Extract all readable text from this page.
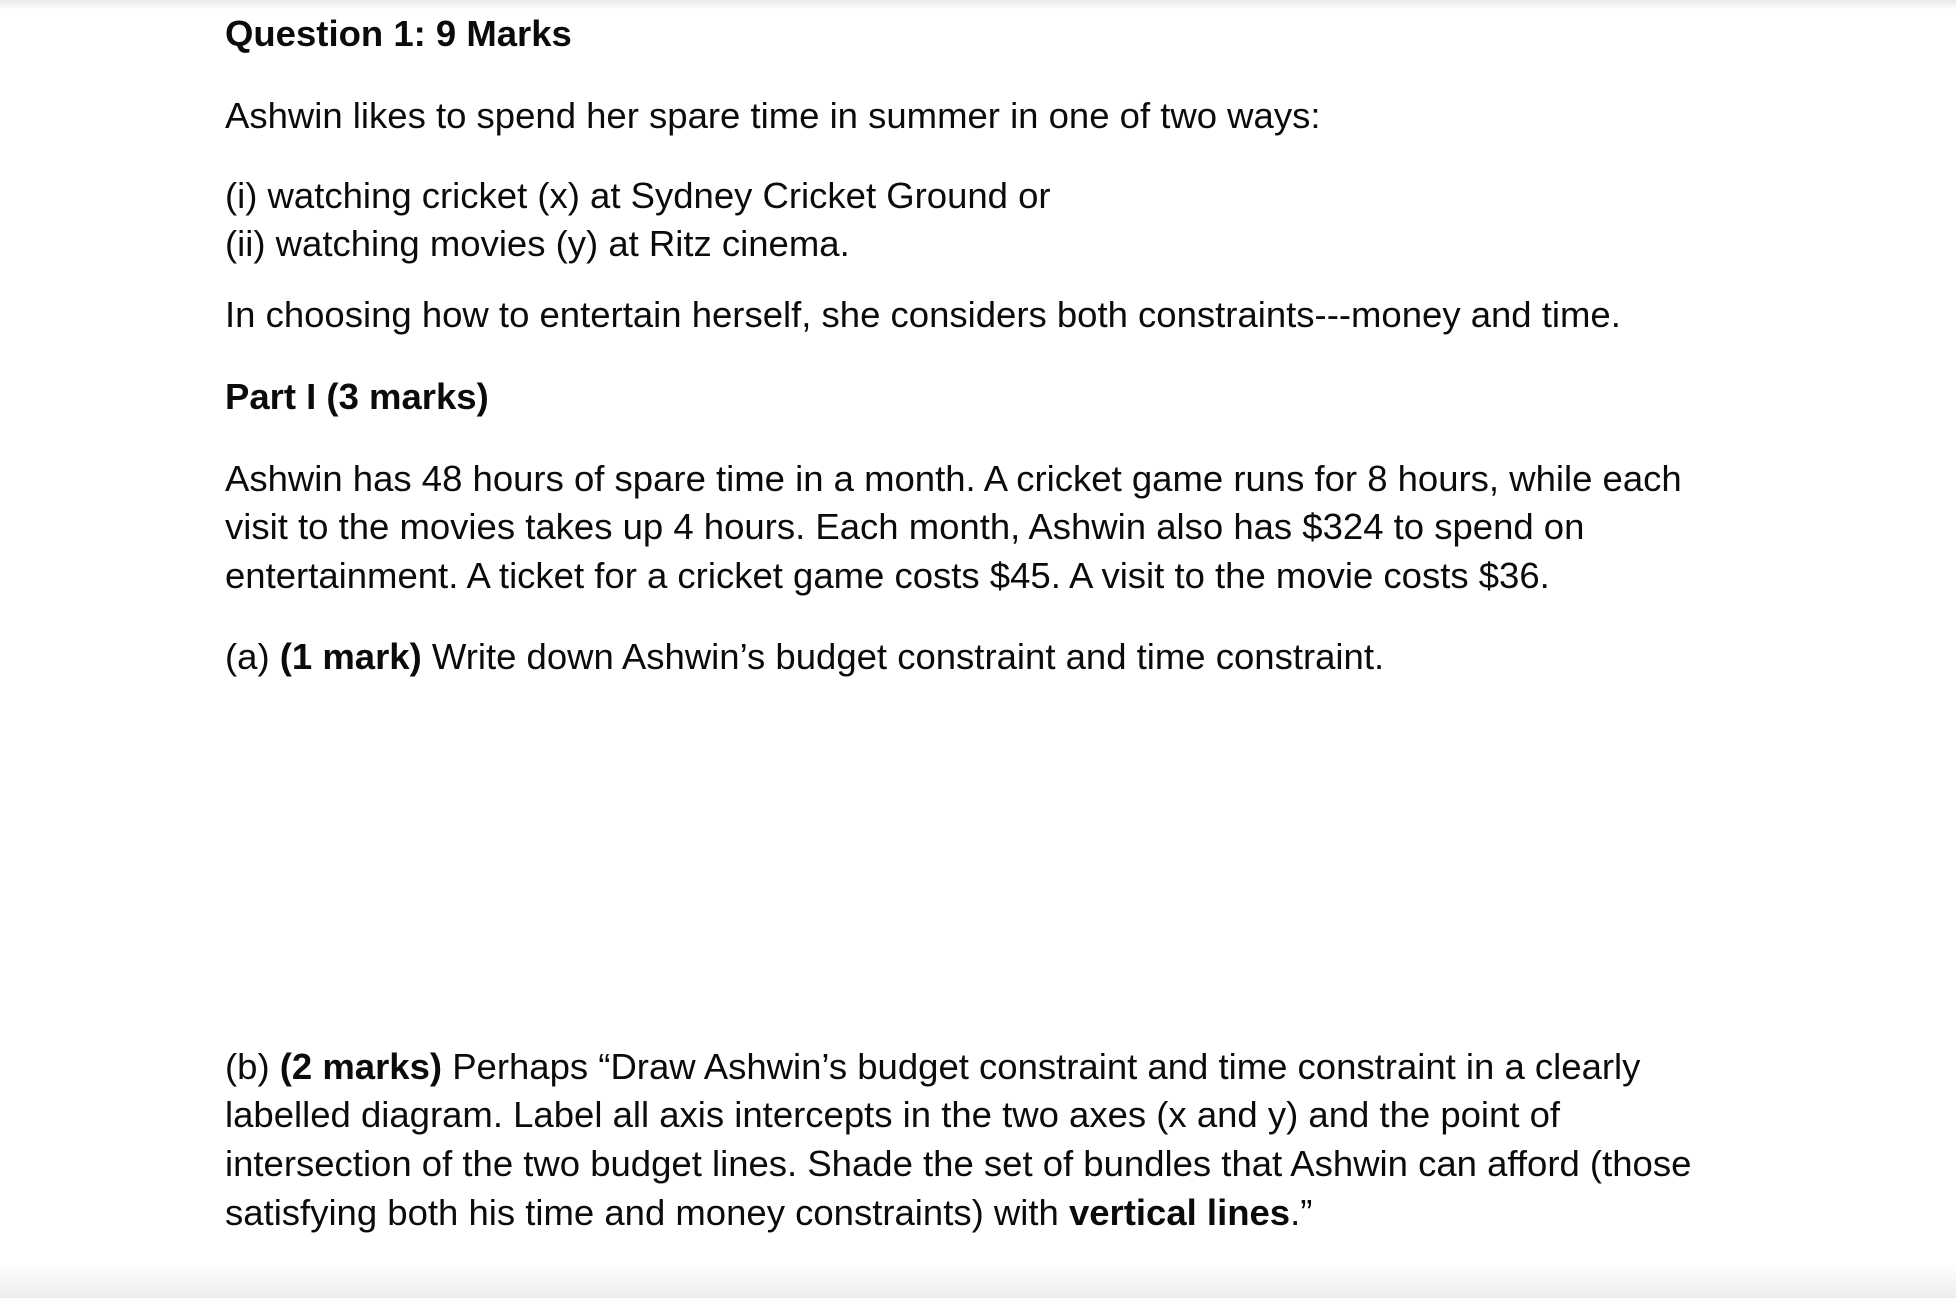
Question 1: 9 Marks
Ashwin likes to spend her spare time in summer in one of two ways:
(i) watching cricket (x) at Sydney Cricket Ground or
(ii) watching movies (y) at Ritz cinema.
In choosing how to entertain herself, she considers both constraints---money and time.
Part I (3 marks)
Ashwin has 48 hours of spare time in a month. A cricket game runs for 8 hours, while each
visit to the movies takes up 4 hours. Each month, Ashwin also has $324 to spend on
entertainment. A ticket for a cricket game costs $45. A visit to the movie costs $36.
(a) (1 mark) Write down Ashwin’s budget constraint and time constraint.
(b) (2 marks) Perhaps “Draw Ashwin’s budget constraint and time constraint in a clearly
labelled diagram. Label all axis intercepts in the two axes (x and y) and the point of
intersection of the two budget lines. Shade the set of bundles that Ashwin can afford (those
satisfying both his time and money constraints) with vertical lines.”
